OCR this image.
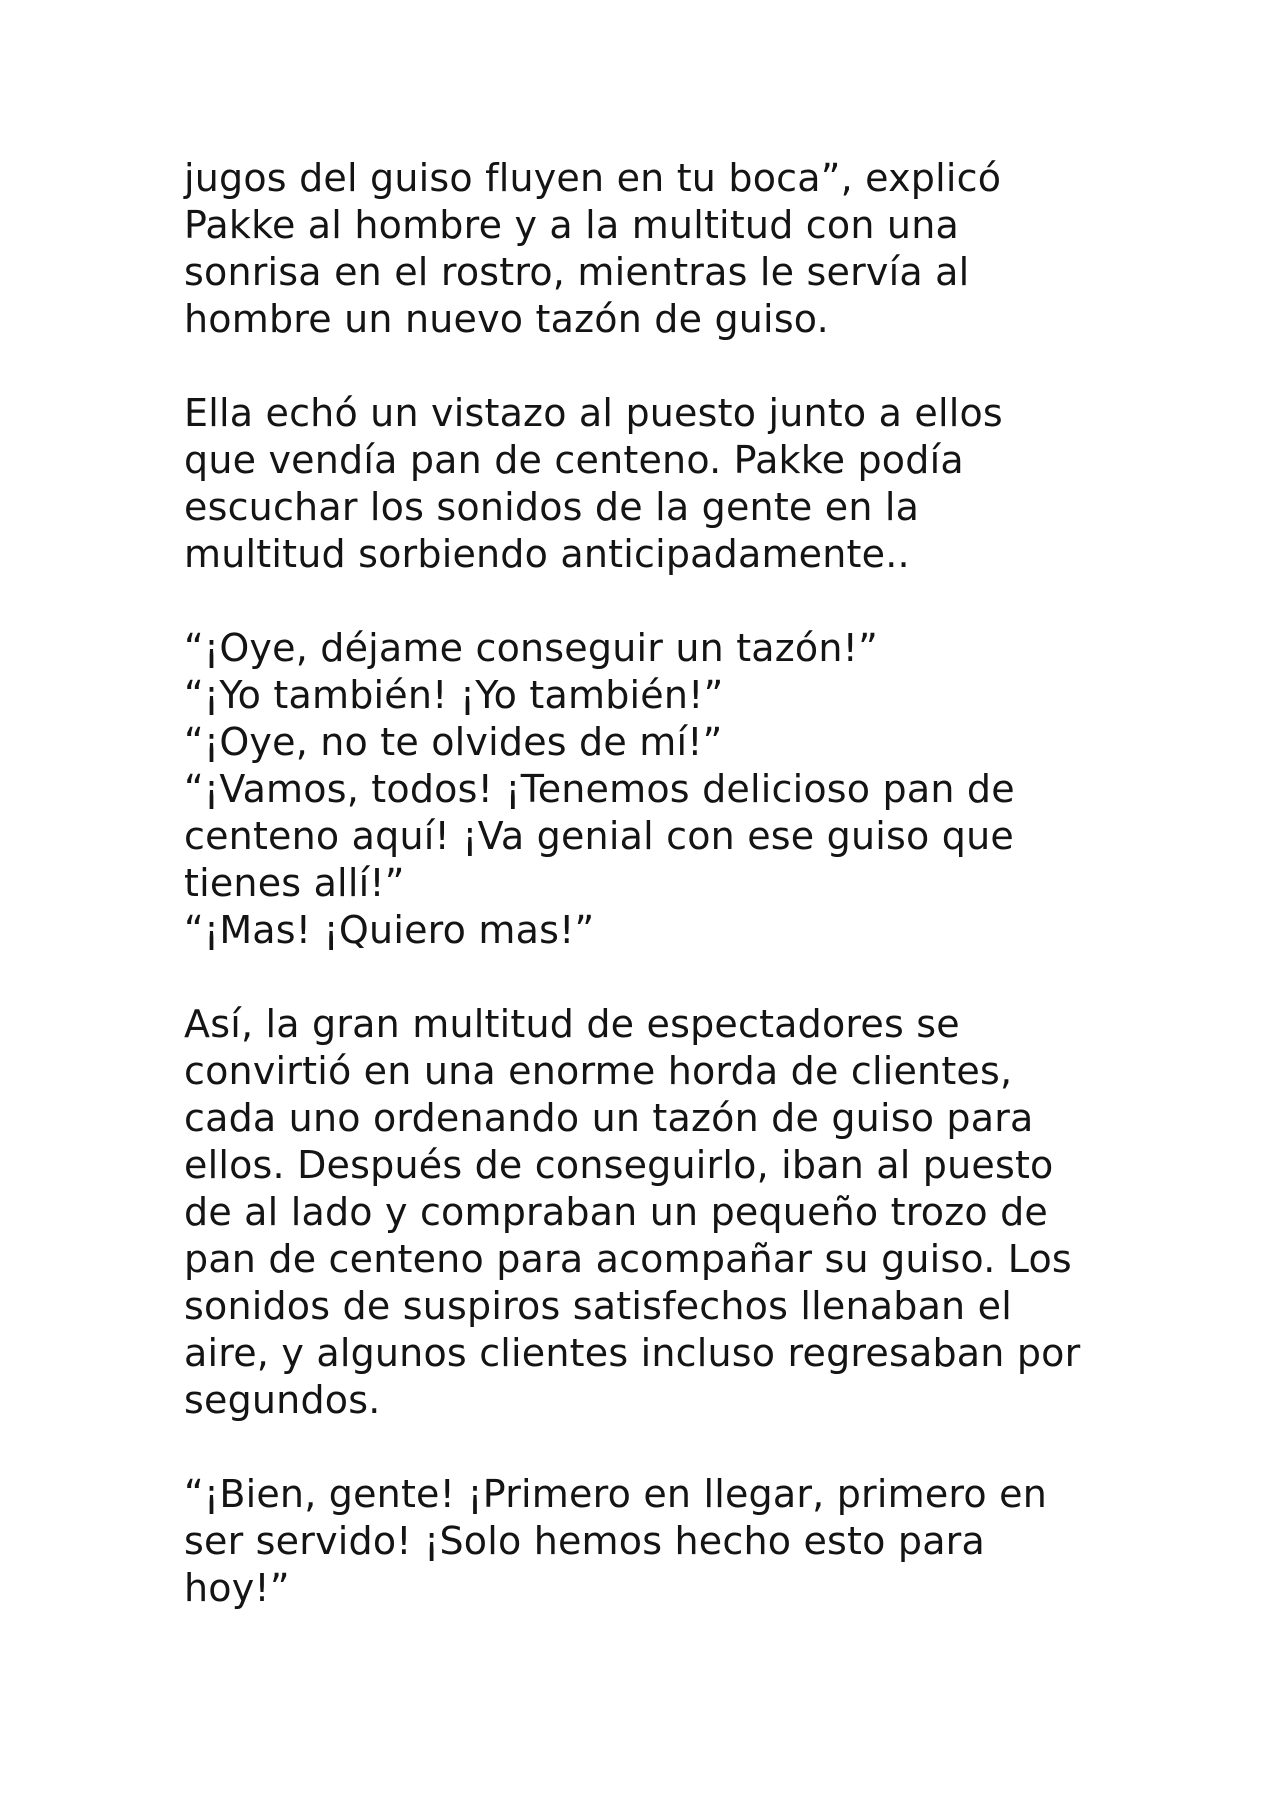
jugos del guiso fluyen en tu boca”, explicó
Pakke al hombre y a la multitud con una
sonrisa en el rostro, mientras le servía al
hombre un nuevo tazón de guiso.

Ella echó un vistazo al puesto junto a ellos
que vendía pan de centeno. Pakke podía
escuchar los sonidos de la gente en la
multitud sorbiendo anticipadamente..

“¡Oye, déjame conseguir un tazón!”
“¡Yo también! ¡Yo también!”
“¡Oye, no te olvides de mí!”
“¡Vamos, todos! ¡Tenemos delicioso pan de
centeno aquí! ¡Va genial con ese guiso que
tienes allí!”
“¡Mas! ¡Quiero mas!”

Así, la gran multitud de espectadores se
convirtió en una enorme horda de clientes,
cada uno ordenando un tazón de guiso para
ellos. Después de conseguirlo, iban al puesto
de al lado y compraban un pequeño trozo de
pan de centeno para acompañar su guiso. Los
sonidos de suspiros satisfechos llenaban el
aire, y algunos clientes incluso regresaban por
segundos.

“¡Bien, gente! ¡Primero en llegar, primero en
ser servido! ¡Solo hemos hecho esto para
hoy!”
